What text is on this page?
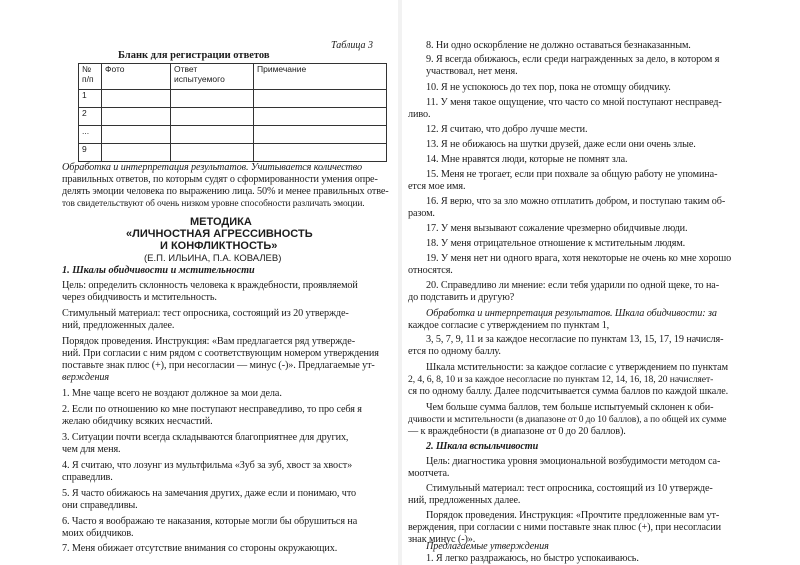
Таблица 3
Бланк для регистрации ответов
№ п/п	Фото	Ответ испытуемого	Примечание
1			
2			
...			
9			
Обработка и интерпретация результатов. Учитывается количество
правильных ответов, по которым судят о сформированности умения опре-
делять эмоции человека по выражению лица. 50% и менее правильных отве-
тов свидетельствуют об очень низком уровне способности различать эмоции.
МЕТОДИКА
«ЛИЧНОСТНАЯ АГРЕССИВНОСТЬ
И КОНФЛИКТНОСТЬ»
(Е.П. ИЛЬИНА, П.А. КОВАЛЕВ)
1. Шкалы обидчивости и мстительности
Цель: определить склонность человека к враждебности, проявляемой
через обидчивость и мстительность.
Стимульный материал: тест опросника, состоящий из 20 утвержде-
ний, предложенных далее.
Порядок проведения. Инструкция: «Вам предлагается ряд утвержде-
ний. При согласии с ним рядом с соответствующим номером утверждения
поставьте знак плюс (+), при несогласии — минус (-)». Предлагаемые ут-
верждения
1. Мне чаще всего не воздают должное за мои дела.
2. Если по отношению ко мне поступают несправедливо, то про себя я
желаю обидчику всяких несчастий.
3. Ситуации почти всегда складываются благоприятнее для других,
чем для меня.
4. Я считаю, что лозунг из мультфильма «Зуб за зуб, хвост за хвост»
справедлив.
5. Я часто обижаюсь на замечания других, даже если и понимаю, что
они справедливы.
6. Часто я воображаю те наказания, которые могли бы обрушиться на
моих обидчиков.
7. Меня обижает отсутствие внимания со стороны окружающих.
8. Ни одно оскорбление не должно оставаться безнаказанным.
9. Я всегда обижаюсь, если среди награжденных за дело, в котором я
участвовал, нет меня.
10. Я не успокоюсь до тех пор, пока не отомщу обидчику.
11. У меня такое ощущение, что часто со мной поступают несправед-
ливо.
12. Я считаю, что добро лучше мести.
13. Я не обижаюсь на шутки друзей, даже если они очень злые.
14. Мне нравятся люди, которые не помнят зла.
15. Меня не трогает, если при похвале за общую работу не упомина-
ется мое имя.
16. Я верю, что за зло можно отплатить добром, и поступаю таким об-
разом.
17. У меня вызывают сожаление чрезмерно обидчивые люди.
18. У меня отрицательное отношение к мстительным людям.
19. У меня нет ни одного врага, хотя некоторые не очень ко мне хорошо
относятся.
20. Справедливо ли мнение: если тебя ударили по одной щеке, то на-
до подставить и другую?
Обработка и интерпретация результатов. Шкала обидчивости: за
каждое согласие с утверждением по пунктам 1,
3, 5, 7, 9, 11 и за каждое несогласие по пунктам 13, 15, 17, 19 начисля-
ется по одному баллу.
Шкала мстительности: за каждое согласие с утверждением по пунктам
2, 4, 6, 8, 10 и за каждое несогласие по пунктам 12, 14, 16, 18, 20 начисляет-
ся по одному баллу. Далее подсчитывается сумма баллов по каждой шкале.
Чем больше сумма баллов, тем больше испытуемый склонен к оби-
дчивости и мстительности (в диапазоне от 0 до 10 баллов), а по общей их сумме
— к враждебности (в диапазоне от 0 до 20 баллов).
2. Шкала вспыльчивости
Цель: диагностика уровня эмоциональной возбудимости методом са-
моотчета.
Стимульный материал: тест опросника, состоящий из 10 утвержде-
ний, предложенных далее.
Порядок проведения. Инструкция: «Прочтите предложенные вам ут-
верждения, при согласии с ними поставьте знак плюс (+), при несогласии
знак минус (-)».
Предлагаемые утверждения
1. Я легко раздражаюсь, но быстро успокаиваюсь.
